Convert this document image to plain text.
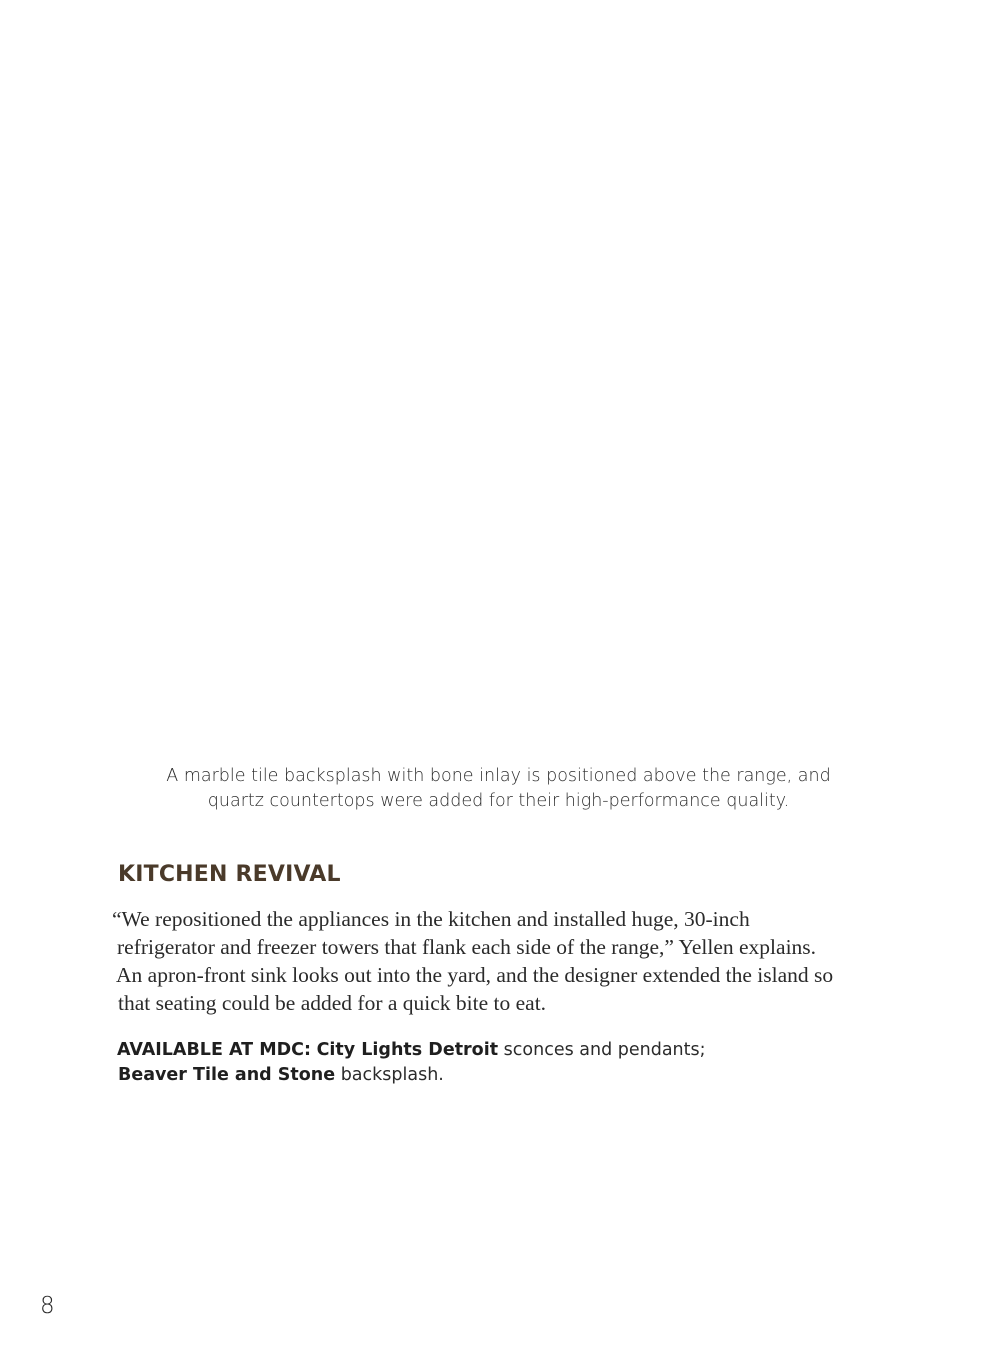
A marble tile backsplash with bone inlay is positioned above the range, and
quartz countertops were added for their high-performance quality.
KITCHEN REVIVAL
“We repositioned the appliances in the kitchen and installed huge, 30-inch
refrigerator and freezer towers that flank each side of the range,” Yellen explains.
An apron-front sink looks out into the yard, and the designer extended the island so
that seating could be added for a quick bite to eat.
AVAILABLE AT MDC: City Lights Detroit sconces and pendants;
Beaver Tile and Stone backsplash.
8
